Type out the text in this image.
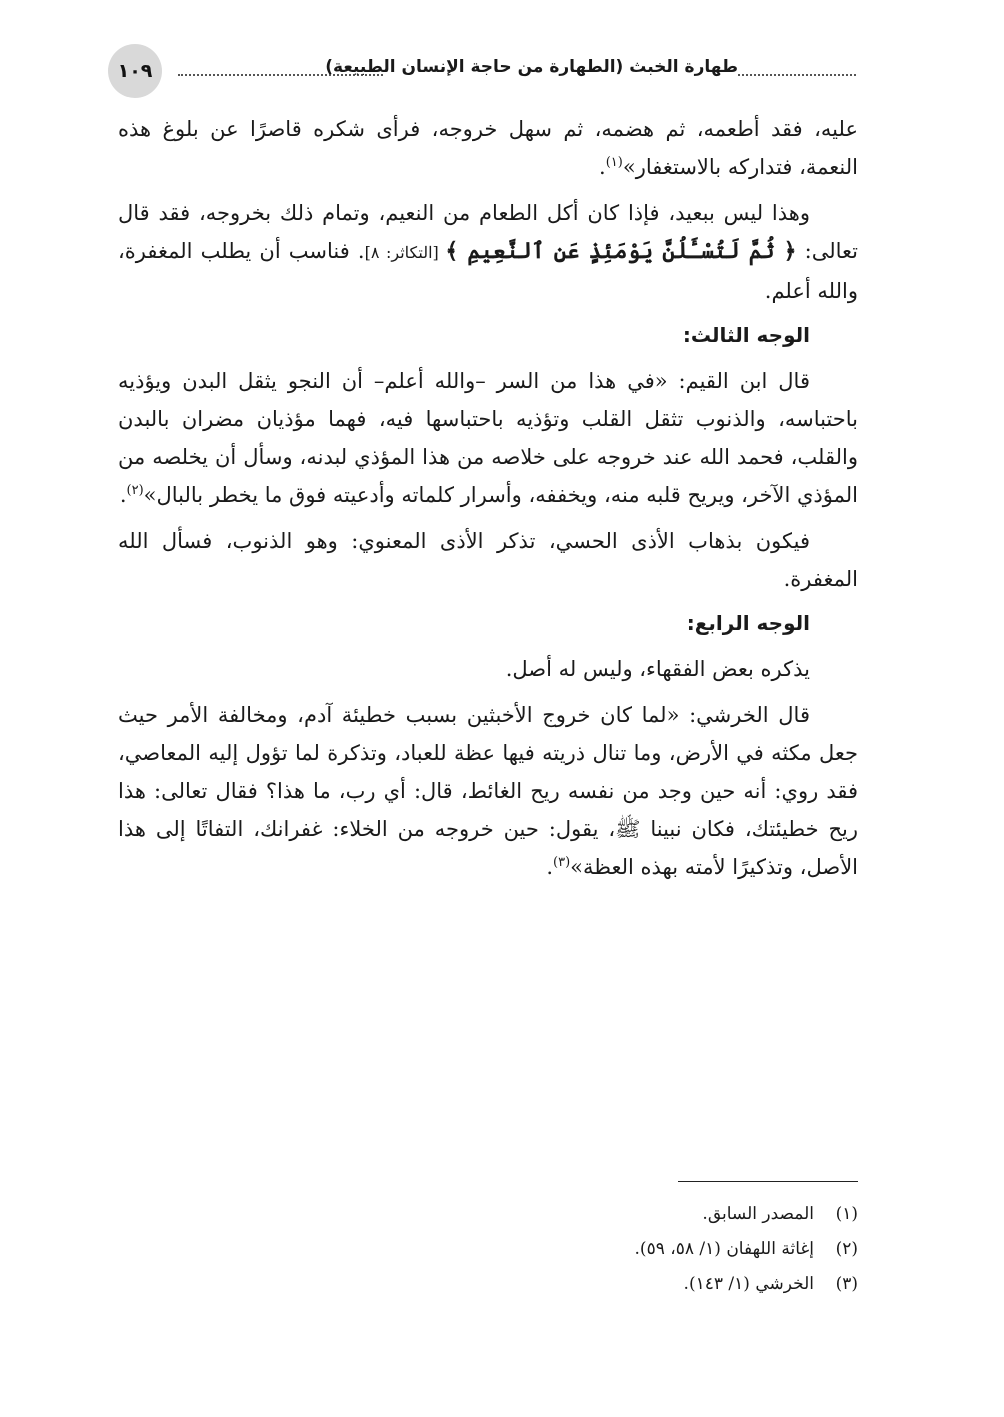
١٠٩	طهارة الخبث (الطهارة من حاجة الإنسان الطبيعة)

عليه، فقد أطعمه، ثم هضمه، ثم سهل خروجه، فرأى شكره قاصرًا عن بلوغ هذه النعمة، فتداركه بالاستغفار»$^{(١)}$.

وهذا ليس ببعيد، فإذا كان أكل الطعام من النعيم، وتمام ذلك بخروجه، فقد قال تعالى: ﴿ ثُمَّ لَتُسْـَٔلُنَّ يَوْمَئِذٍ عَنِ ٱلنَّعِيمِ ﴾ [التكاثر: ٨]. فناسب أن يطلب المغفرة، والله أعلم.

الوجه الثالث:

قال ابن القيم: «في هذا من السر –والله أعلم– أن النجو يثقل البدن ويؤذيه باحتباسه، والذنوب تثقل القلب وتؤذيه باحتباسها فيه، فهما مؤذيان مضران بالبدن والقلب، فحمد الله عند خروجه على خلاصه من هذا المؤذي لبدنه، وسأل أن يخلصه من المؤذي الآخر، ويريح قلبه منه، ويخففه، وأسرار كلماته وأدعيته فوق ما يخطر بالبال»$^{(٢)}$.

فيكون بذهاب الأذى الحسي، تذكر الأذى المعنوي: وهو الذنوب، فسأل الله المغفرة.

الوجه الرابع:

يذكره بعض الفقهاء، وليس له أصل.

قال الخرشي: «لما كان خروج الأخبثين بسبب خطيئة آدم، ومخالفة الأمر حيث جعل مكثه في الأرض، وما تنال ذريته فيها عظة للعباد، وتذكرة لما تؤول إليه المعاصي، فقد روي: أنه حين وجد من نفسه ريح الغائط، قال: أي رب، ما هذا؟ فقال تعالى: هذا ريح خطيئتك، فكان نبينا ﷺ، يقول: حين خروجه من الخلاء: غفرانك، التفاتًا إلى هذا الأصل، وتذكيرًا لأمته بهذه العظة»$^{(٣)}$.

(١)المصدر السابق.
(٢)إغاثة اللهفان (١/ ٥٨، ٥٩).
(٣)الخرشي (١/ ١٤٣).
